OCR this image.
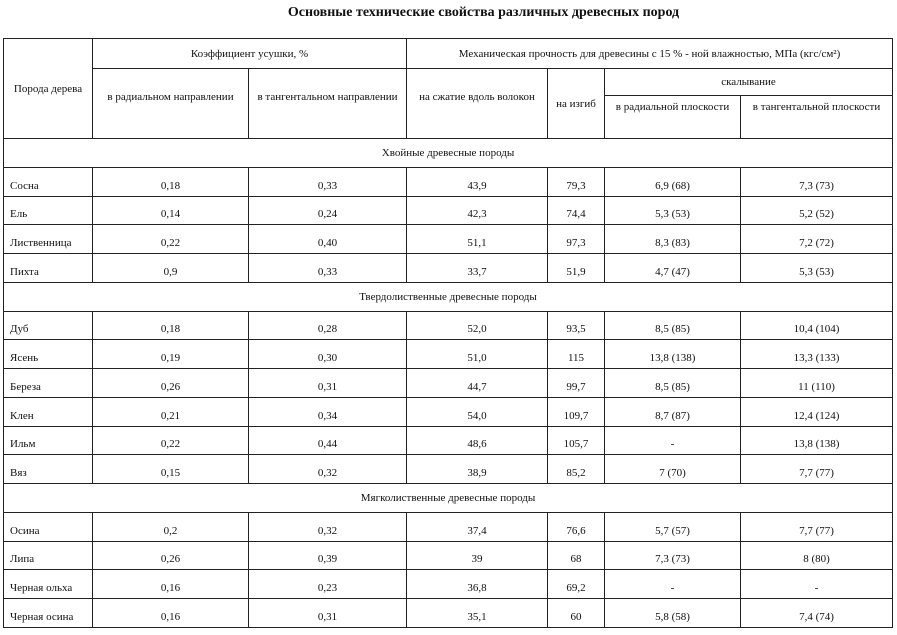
Основные технические свойства различных древесных пород
Порода дерева	Коэффициент усушки, %		Механическая прочность для древесины с 15 % - ной влажностью, МПа (кгс/см²)			
	в радиальном направлении	в тангентальном направлении	на сжатие вдоль волокон	на изгиб	скалывание	
					в радиальной плоскости	в тангентальной плоскости
Хвойные древесные породы						
Сосна	0,18	0,33	43,9	79,3	6,9 (68)	7,3 (73)
Ель	0,14	0,24	42,3	74,4	5,3 (53)	5,2 (52)
Лиственница	0,22	0,40	51,1	97,3	8,3 (83)	7,2 (72)
Пихта	0,9	0,33	33,7	51,9	4,7 (47)	5,3 (53)
Твердолиственные древесные породы						
Дуб	0,18	0,28	52,0	93,5	8,5 (85)	10,4 (104)
Ясень	0,19	0,30	51,0	115	13,8 (138)	13,3 (133)
Береза	0,26	0,31	44,7	99,7	8,5 (85)	11 (110)
Клен	0,21	0,34	54,0	109,7	8,7 (87)	12,4 (124)
Ильм	0,22	0,44	48,6	105,7	-	13,8 (138)
Вяз	0,15	0,32	38,9	85,2	7 (70)	7,7 (77)
Мягколиственные древесные породы						
Осина	0,2	0,32	37,4	76,6	5,7 (57)	7,7 (77)
Липа	0,26	0,39	39	68	7,3 (73)	8 (80)
Черная ольха	0,16	0,23	36,8	69,2	-	-
Черная осина	0,16	0,31	35,1	60	5,8 (58)	7,4 (74)
